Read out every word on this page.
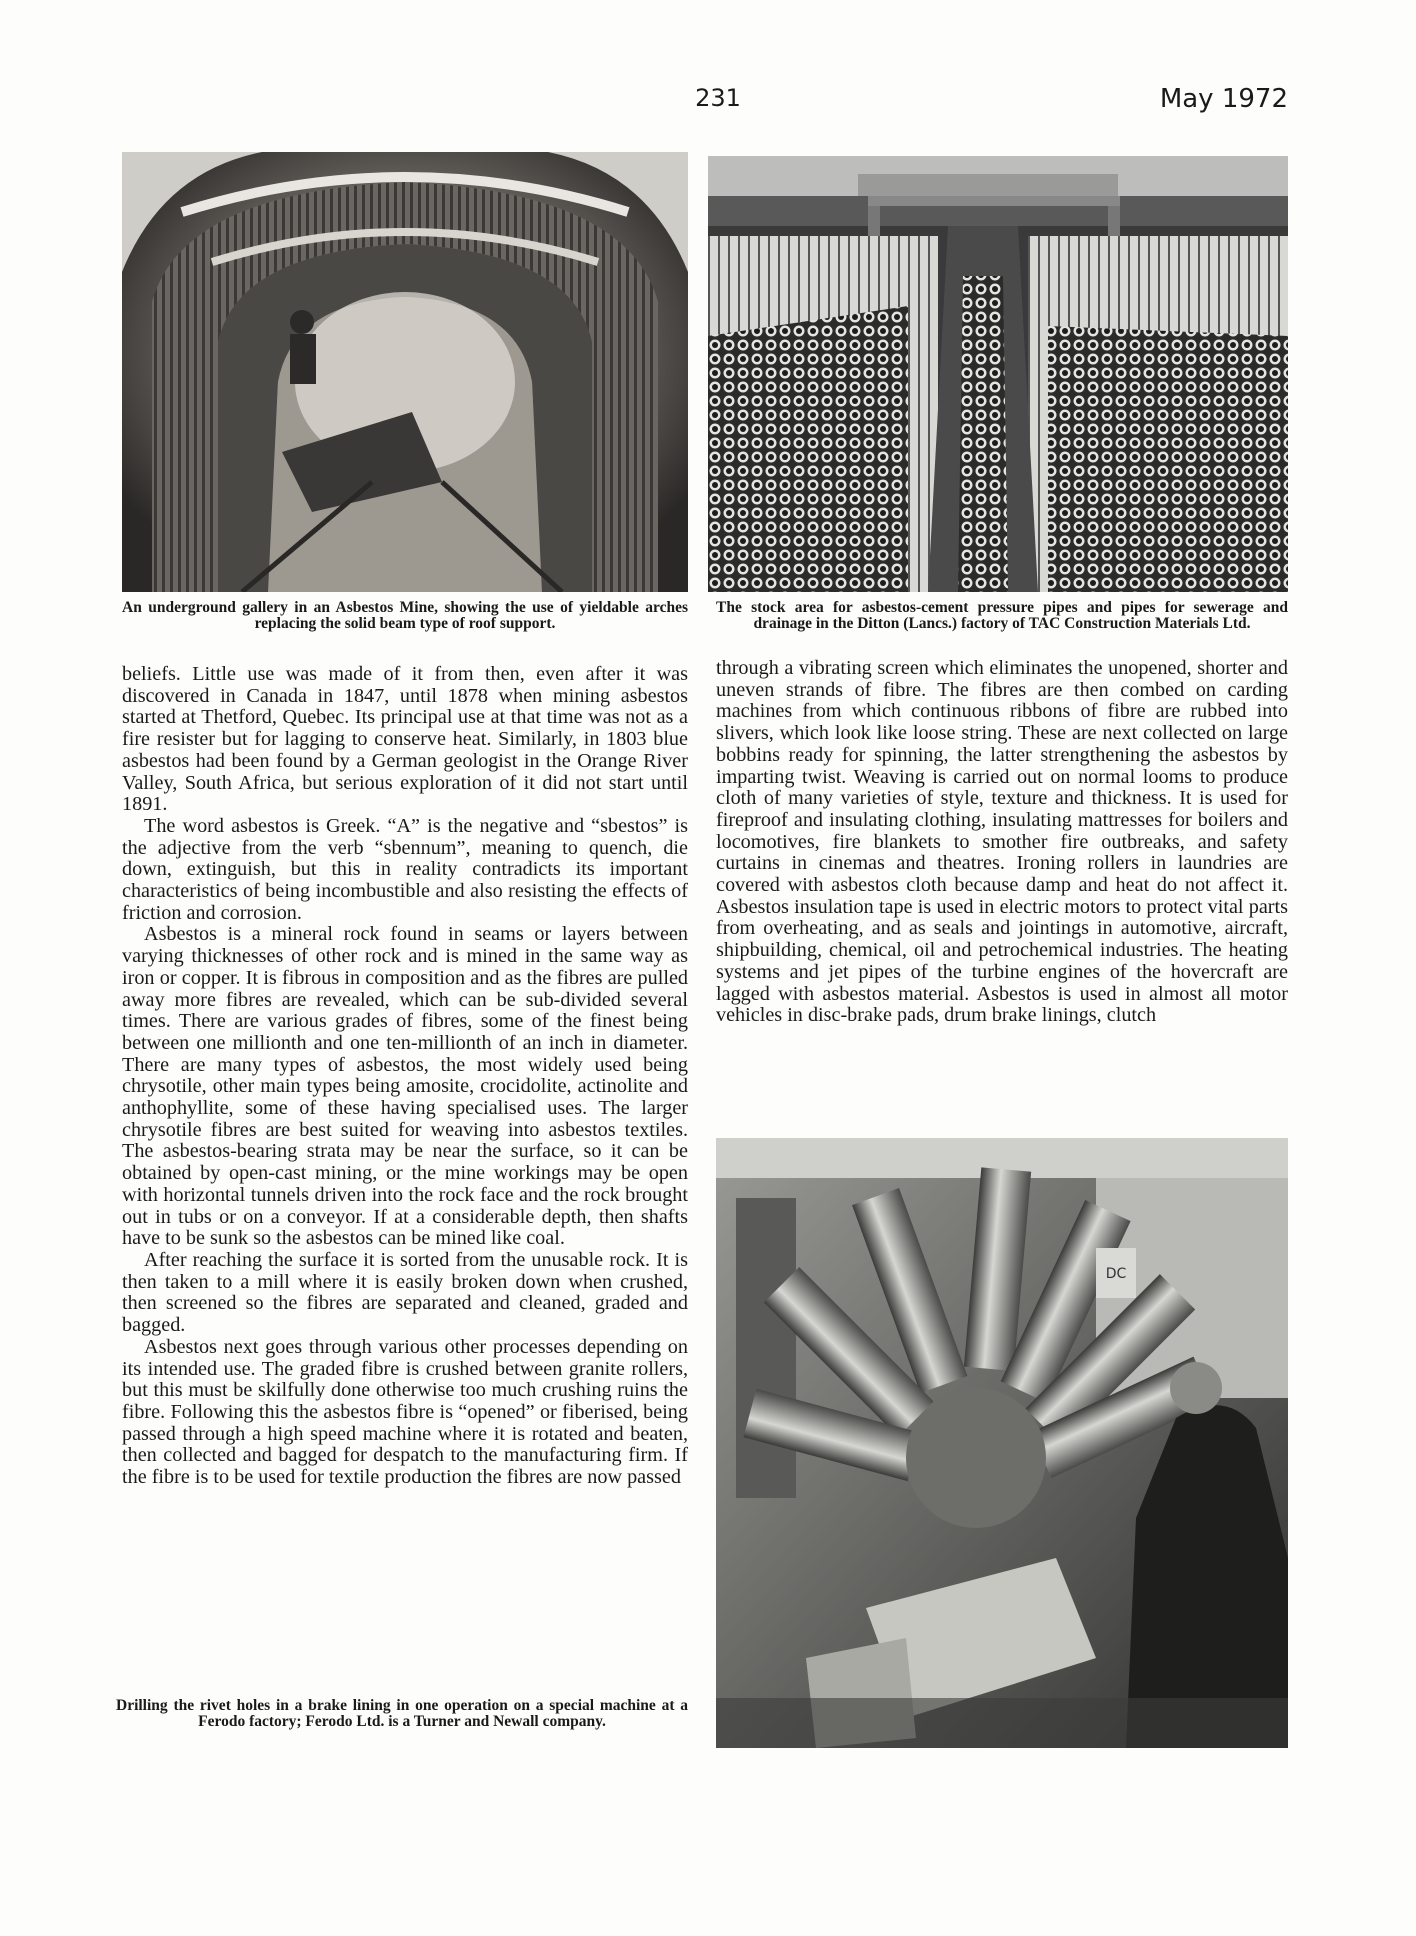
231	May 1972
An underground gallery in an Asbestos Mine, showing the use of yieldable arches replacing the solid beam type of roof support.
The stock area for asbestos-cement pressure pipes and pipes for sewerage and drainage in the Ditton (Lancs.) factory of TAC Construction Materials Ltd.

beliefs. Little use was made of it from then, even after it was discovered in Canada in 1847, until 1878 when mining asbestos started at Thetford, Quebec. Its principal use at that time was not as a fire resister but for lagging to conserve heat. Similarly, in 1803 blue asbestos had been found by a German geologist in the Orange River Valley, South Africa, but serious exploration of it did not start until 1891.

The word asbestos is Greek. “A” is the negative and “sbestos” is the adjective from the verb “sbennum”, meaning to quench, die down, extinguish, but this in reality contradicts its important characteristics of being incombustible and also resisting the effects of friction and corrosion.

Asbestos is a mineral rock found in seams or layers between varying thicknesses of other rock and is mined in the same way as iron or copper. It is fibrous in composition and as the fibres are pulled away more fibres are revealed, which can be sub-divided several times. There are various grades of fibres, some of the finest being between one millionth and one ten-millionth of an inch in diameter. There are many types of asbestos, the most widely used being chrysotile, other main types being amosite, crocidolite, actinolite and anthophyllite, some of these having specialised uses. The larger chrysotile fibres are best suited for weaving into asbestos textiles. The asbestos-bearing strata may be near the surface, so it can be obtained by open-cast mining, or the mine workings may be open with horizontal tunnels driven into the rock face and the rock brought out in tubs or on a conveyor. If at a considerable depth, then shafts have to be sunk so the asbestos can be mined like coal.

After reaching the surface it is sorted from the unusable rock. It is then taken to a mill where it is easily broken down when crushed, then screened so the fibres are separated and cleaned, graded and bagged.

Asbestos next goes through various other processes depending on its intended use. The graded fibre is crushed between granite rollers, but this must be skilfully done otherwise too much crushing ruins the fibre. Following this the asbestos fibre is “opened” or fiberised, being passed through a high speed machine where it is rotated and beaten, then collected and bagged for despatch to the manufacturing firm. If the fibre is to be used for textile production the fibres are now passed

through a vibrating screen which eliminates the unopened, shorter and uneven strands of fibre. The fibres are then combed on carding machines from which continuous ribbons of fibre are rubbed into slivers, which look like loose string. These are next collected on large bobbins ready for spinning, the latter strengthening the asbestos by imparting twist. Weaving is carried out on normal looms to produce cloth of many varieties of style, texture and thickness. It is used for fireproof and insulating clothing, insulating mattresses for boilers and locomotives, fire blankets to smother fire outbreaks, and safety curtains in cinemas and theatres. Ironing rollers in laundries are covered with asbestos cloth because damp and heat do not affect it. Asbestos insulation tape is used in electric motors to protect vital parts from overheating, and as seals and jointings in automotive, aircraft, shipbuilding, chemical, oil and petrochemical industries. The heating systems and jet pipes of the turbine engines of the hovercraft are lagged with asbestos material. Asbestos is used in almost all motor vehicles in disc-brake pads, drum brake linings, clutch

DC
Drilling the rivet holes in a brake lining in one operation on a special machine at a Ferodo factory; Ferodo Ltd. is a Turner and Newall company.
